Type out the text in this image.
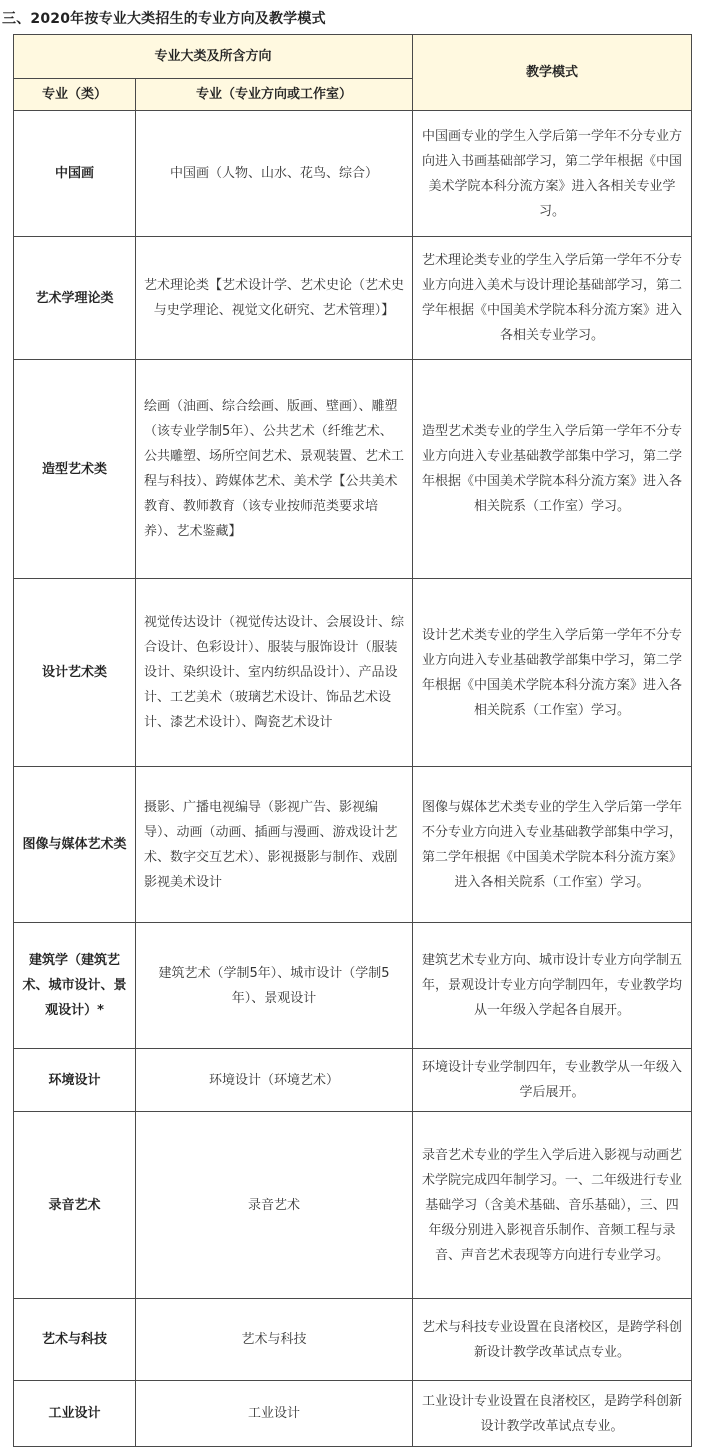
三、2020年按专业大类招生的专业方向及教学模式
专业大类及所含方向		教学模式
专业（类）	专业（专业方向或工作室）	
中国画	中国画（人物、山水、花鸟、综合）	中国画专业的学生入学后第一学年不分专业方向进入书画基础部学习，第二学年根据《中国美术学院本科分流方案》进入各相关专业学习。
艺术学理论类	艺术理论类【艺术设计学、艺术史论（艺术史与史学理论、视觉文化研究、艺术管理）】	艺术理论类专业的学生入学后第一学年不分专业方向进入美术与设计理论基础部学习，第二学年根据《中国美术学院本科分流方案》进入各相关专业学习。
造型艺术类	绘画（油画、综合绘画、版画、壁画）、雕塑（该专业学制5年）、公共艺术（纤维艺术、公共雕塑、场所空间艺术、景观装置、艺术工程与科技）、跨媒体艺术、美术学【公共美术教育、教师教育（该专业按师范类要求培养）、艺术鉴藏】	造型艺术类专业的学生入学后第一学年不分专业方向进入专业基础教学部集中学习，第二学年根据《中国美术学院本科分流方案》进入各相关院系（工作室）学习。
设计艺术类	视觉传达设计（视觉传达设计、会展设计、综合设计、色彩设计）、服装与服饰设计（服装设计、染织设计、室内纺织品设计）、产品设计、工艺美术（玻璃艺术设计、饰品艺术设计、漆艺术设计）、陶瓷艺术设计	设计艺术类专业的学生入学后第一学年不分专业方向进入专业基础教学部集中学习，第二学年根据《中国美术学院本科分流方案》进入各相关院系（工作室）学习。
图像与媒体艺术类	摄影、广播电视编导（影视广告、影视编导）、动画（动画、插画与漫画、游戏设计艺术、数字交互艺术）、影视摄影与制作、戏剧影视美术设计	图像与媒体艺术类专业的学生入学后第一学年不分专业方向进入专业基础教学部集中学习，第二学年根据《中国美术学院本科分流方案》进入各相关院系（工作室）学习。
建筑学（建筑艺术、城市设计、景观设计）*	建筑艺术（学制5年）、城市设计（学制5年）、景观设计	建筑艺术专业方向、城市设计专业方向学制五年，景观设计专业方向学制四年，专业教学均从一年级入学起各自展开。
环境设计	环境设计（环境艺术）	环境设计专业学制四年，专业教学从一年级入学后展开。
录音艺术	录音艺术	录音艺术专业的学生入学后进入影视与动画艺术学院完成四年制学习。一、二年级进行专业基础学习（含美术基础、音乐基础），三、四年级分别进入影视音乐制作、音频工程与录音、声音艺术表现等方向进行专业学习。
艺术与科技	艺术与科技	艺术与科技专业设置在良渚校区，是跨学科创新设计教学改革试点专业。
工业设计	工业设计	工业设计专业设置在良渚校区，是跨学科创新设计教学改革试点专业。
